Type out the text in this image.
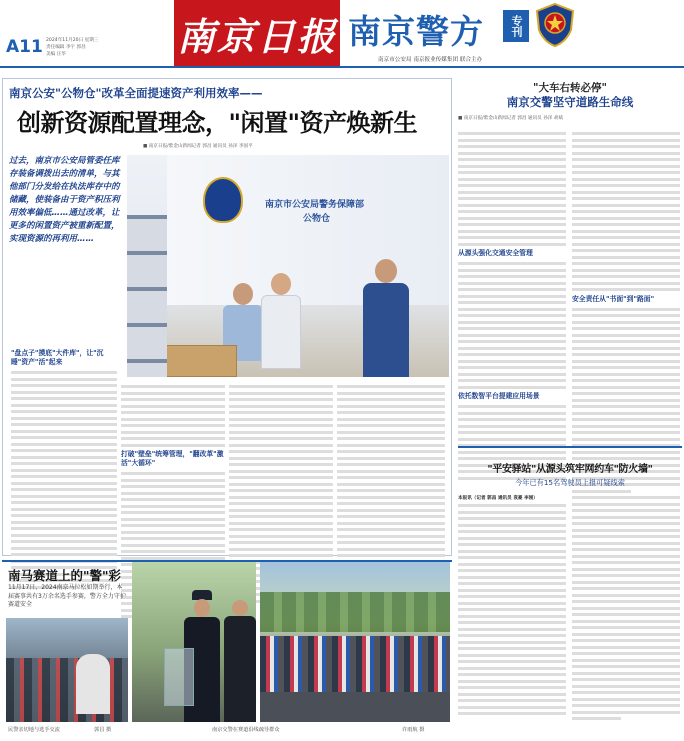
A11 2024年11月20日 星期三
责任编辑 李宇 郭昌
美编 汪华	南京日报 南京警方	专刊
南京市公安局 南京报业传媒集团 联合主办
南京公安"公物仓"改革全面提速资产利用效率——
创新资源配置理念，"闲置"资产焕新生
■ 南京日报/紫金山新闻记者 郭昌 通讯员 孙泽 李国平
过去，南京市公安局管委任库存装备调拨出去的清单，与其他部门分发给在执法库存中的储藏，使装备由于资产积压利用效率偏低……通过改革，让更多的闲置资产被重新配置，实现资源的再利用……
南京市公安局警务保障部
公物仓
"盘点子"摸底"大件库"，让"沉睡"资产"活"起来
打破"壁垒"统筹管理，"翻改革"激活"大循环"
"大车右转必停"
南京交警坚守道路生命线
■ 南京日报/紫金山新闻记者 郭昌 通讯员 孙泽 胡斌
从源头强化交通安全管理
依托数智平台提建应用场景
安全责任从"书面"到"路面"
"平安驿站"从源头筑牢网约车"防火墙"
今年已有15名驾驶员上报可疑线索
本报讯（记者 郭昌 通讯员 袁豪 李刚）
南马赛道上的"警"彩
11月17日，2024南京马拉松如期举行，本届赛事共有3万余名选手参赛，警方全力守护赛道安全
民警亲切地与选手交流	郭昌 摄	许雨航 摄
南京交警在赛道沿线疏导群众
